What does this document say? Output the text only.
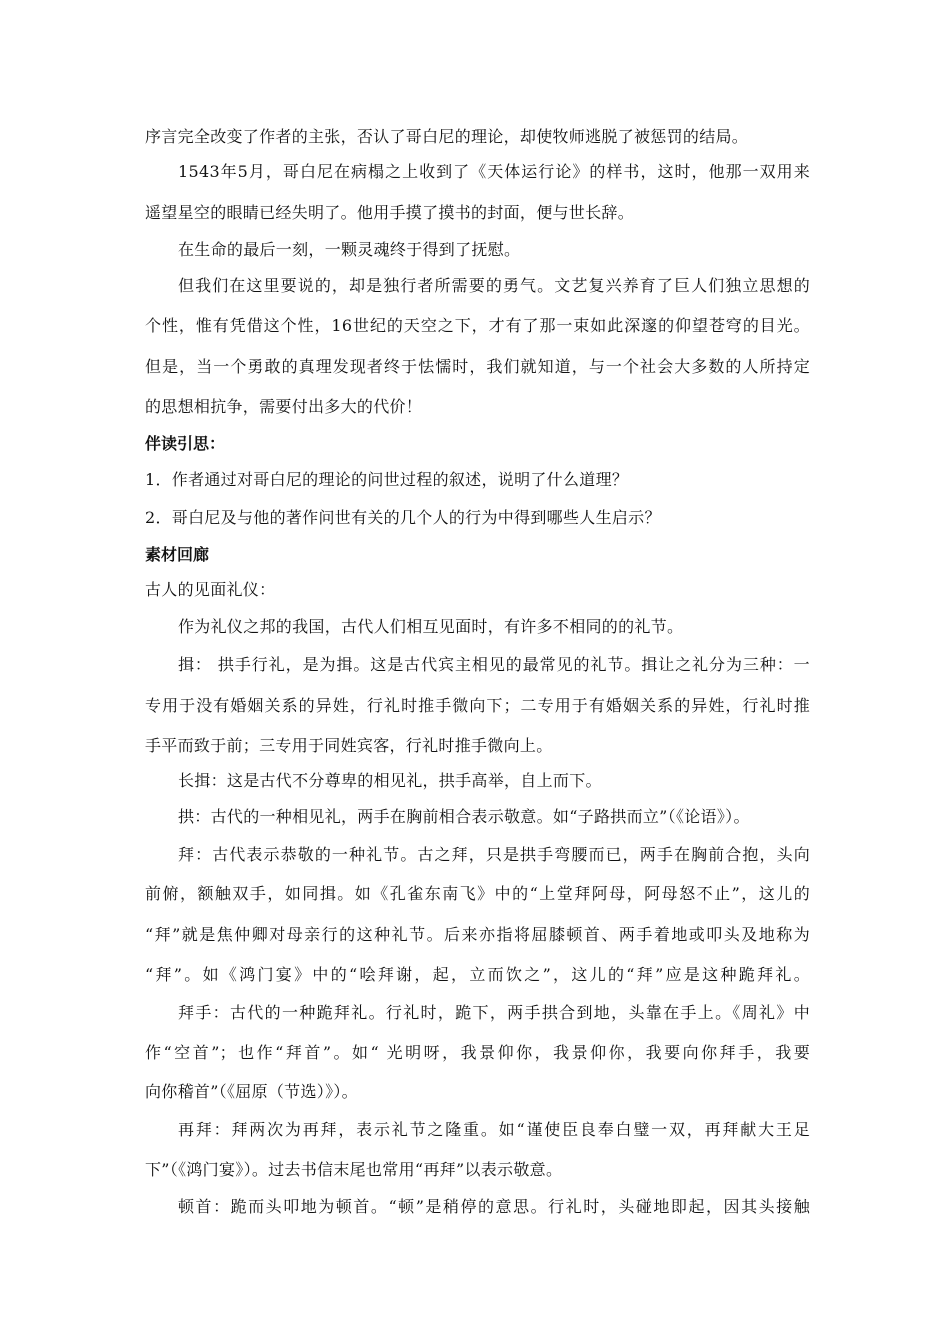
序言完全改变了作者的主张，否认了哥白尼的理论，却使牧师逃脱了被惩罚的结局。
1543年5月，哥白尼在病榻之上收到了《天体运行论》的样书，这时，他那一双用来
遥望星空的眼睛已经失明了。他用手摸了摸书的封面，便与世长辞。
在生命的最后一刻，一颗灵魂终于得到了抚慰。
但我们在这里要说的，却是独行者所需要的勇气。文艺复兴养育了巨人们独立思想的
个性，惟有凭借这个性，16世纪的天空之下，才有了那一束如此深邃的仰望苍穹的目光。
但是，当一个勇敢的真理发现者终于怯懦时，我们就知道，与一个社会大多数的人所持定
的思想相抗争，需要付出多大的代价！
伴读引思：
1．作者通过对哥白尼的理论的问世过程的叙述，说明了什么道理？
2．哥白尼及与他的著作问世有关的几个人的行为中得到哪些人生启示？
素材回廊
古人的见面礼仪：
作为礼仪之邦的我国，古代人们相互见面时，有许多不相同的的礼节。
揖： 拱手行礼，是为揖。这是古代宾主相见的最常见的礼节。揖让之礼分为三种：一
专用于没有婚姻关系的异姓，行礼时推手微向下；二专用于有婚姻关系的异姓，行礼时推
手平而致于前；三专用于同姓宾客，行礼时推手微向上。
长揖：这是古代不分尊卑的相见礼，拱手高举，自上而下。
拱：古代的一种相见礼，两手在胸前相合表示敬意。如“子路拱而立”（《论语》）。
拜：古代表示恭敬的一种礼节。古之拜，只是拱手弯腰而已，两手在胸前合抱，头向
前俯，额触双手，如同揖。如《孔雀东南飞》中的“上堂拜阿母，阿母怒不止”，这儿的
“拜”就是焦仲卿对母亲行的这种礼节。后来亦指将屈膝顿首、两手着地或叩头及地称为
“拜”。如《鸿门宴》中的“哙拜谢，起，立而饮之”，这儿的“拜”应是这种跪拜礼。
拜手：古代的一种跪拜礼。行礼时，跪下，两手拱合到地，头靠在手上。《周礼》中
作“空首”；也作“拜首”。如“ 光明呀，我景仰你，我景仰你，我要向你拜手，我要
向你稽首”（《屈原（节选）》）。
再拜：拜两次为再拜，表示礼节之隆重。如“谨使臣良奉白璧一双，再拜献大王足
下”（《鸿门宴》）。过去书信末尾也常用“再拜”以表示敬意。
顿首：跪而头叩地为顿首。“顿”是稍停的意思。行礼时，头碰地即起，因其头接触
